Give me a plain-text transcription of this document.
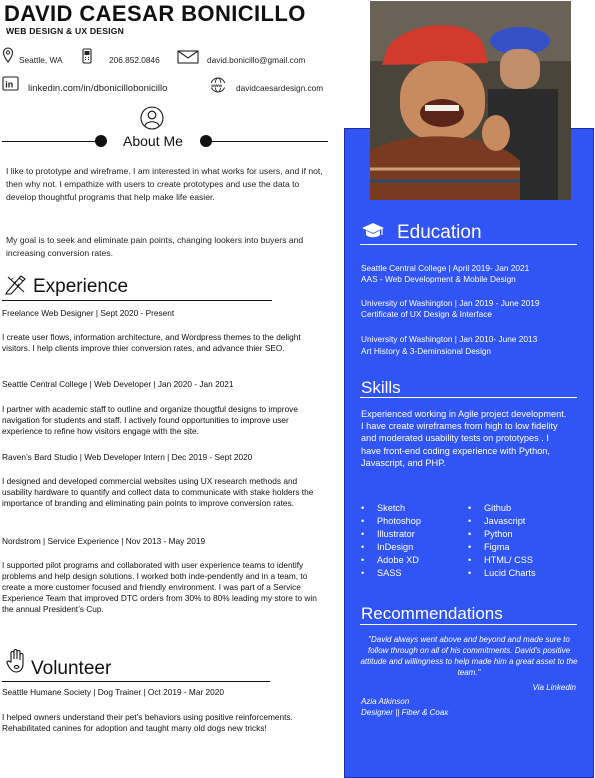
DAVID CAESAR BONICILLO
WEB DESIGN & UX DESIGN
Seattle, WA	206.852.0846	david.bonicillo@gmail.com
in linkedin.com/in/dbonicillobonicillo	www davidcaesardesign.com
About Me
I like to prototype and wireframe. I am interested in what works for users, and if not, then why not. I empathize with users to create prototypes and use the data to develop thoughtful programs that help make life easier.
My goal is to seek and eliminate pain points, changing lookers into buyers and increasing conversion rates.
Experience
Freelance Web Designer | Sept 2020 - Present
I create user flows, information architecture, and Wordpress themes to the delight visitors. I help clients improve thier conversion rates, and advance thier SEO.
Seattle Central College | Web Developer | Jan 2020 - Jan 2021
I partner with academic staff to outline and organize thougtful designs to improve navigation for students and staff. I actively found opportunities to improve user experience to refine how visitors engage with the site.
Raven’s Bard Studio | Web Developer Intern | Dec 2019 - Sept 2020
I designed and developed commercial websites using UX research methods and usability hardware to quantify and collect data to communicate with stake holders the importance of branding and eliminating pain points to improve conversion rates.
Nordstrom | Service Experience | Nov 2013 - May 2019
I supported pilot programs and collaborated with user experience teams to identify problems and help design solutions. I worked both inde-pendently and in a team, to create a more customer focused and friendly environment. I was part of a Service Experience Team that improved DTC orders from 30% to 80% leading my store to win the annual President’s Cup.
Volunteer
Seattle Humane Society | Dog Trainer | Oct 2019 - Mar 2020
I helped owners understand their pet’s behaviors using positive reinforcements. Rehabilitated canines for adoption and taught many old dogs new tricks!
Education
Seattle Central College | April 2019- Jan 2021
AAS - Web Development & Mobile Design
University of Washington | Jan 2019 - June 2019
Certificate of UX Design & Interface
University of Washington | Jan 2010- June 2013
Art History & 3-Deminsional Design
Skills
Experienced working in Agile project development. I have create wireframes from high to low fidelity and moderated usability tests on prototypes . I have front-end coding experience with Python, Javascript, and PHP.
• Sketch
• Photoshop
• Illustrator
• InDesign
• Adobe XD
• SASS
• Github
• Javascript
• Python
• Figma
• HTML/ CSS
• Lucid Charts
Recommendations
"David always went above and beyond and made sure to follow through on all of his commitments. David's positive attitude and willingness to help made him a great asset to the team."
Via Linkedin
Azia Atkinson
Designer || Fiber & Coax
